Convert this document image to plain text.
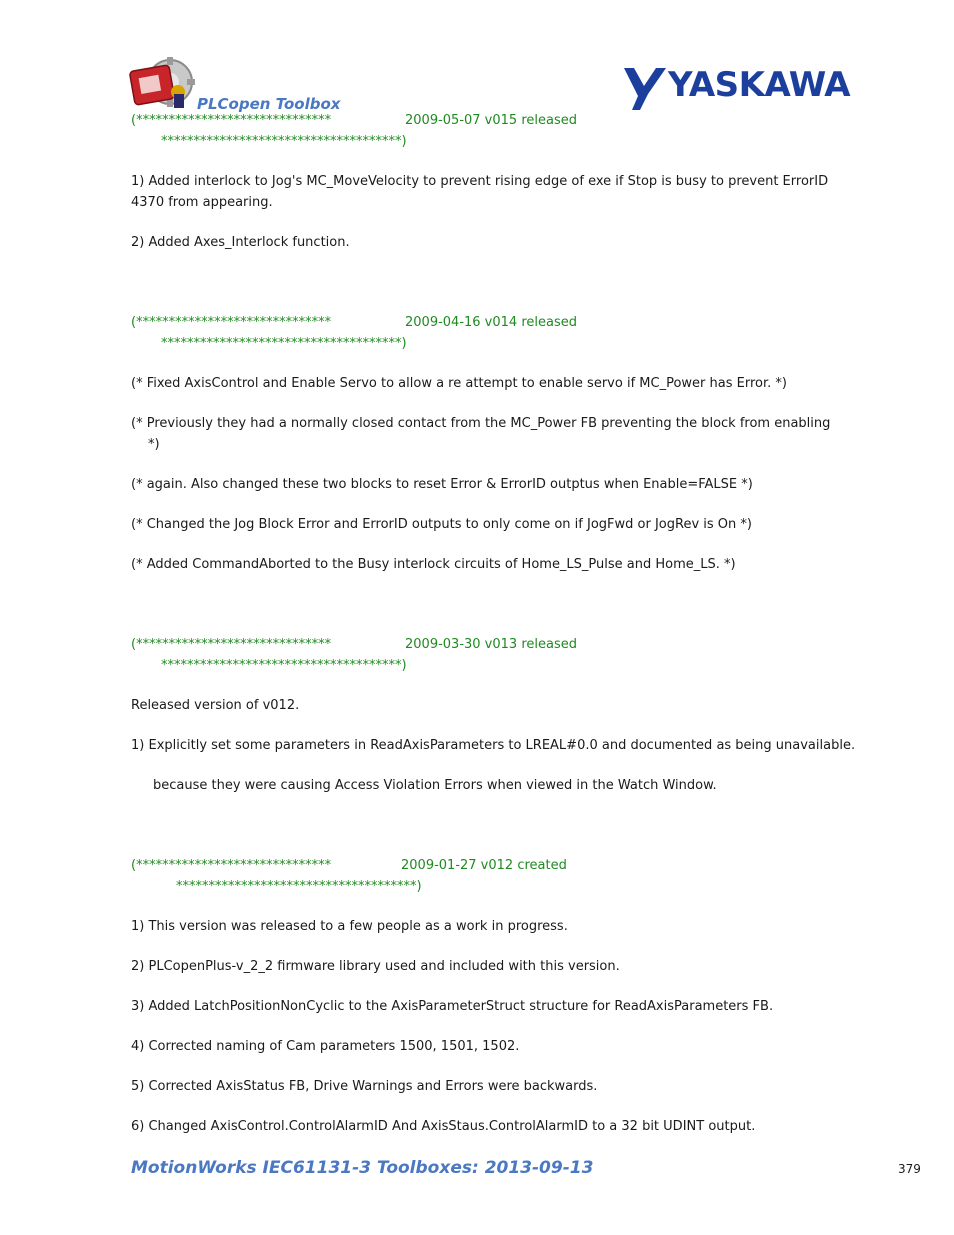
PLCopen Toolbox	YASKAWA
(******************************	2009-05-07 v015 released
*************************************)
1) Added interlock to Jog's MC_MoveVelocity to prevent rising edge of exe if Stop is busy to prevent ErrorID
4370 from appearing.
2) Added Axes_Interlock function.
(******************************	2009-04-16 v014 released
*************************************)
(* Fixed AxisControl and Enable Servo to allow a re attempt to enable servo if MC_Power has Error. *)
(* Previously they had a normally closed contact from the MC_Power FB preventing the block from enabling
*)
(* again. Also changed these two blocks to reset Error & ErrorID outptus when Enable=FALSE *)
(* Changed the Jog Block Error and ErrorID outputs to only come on if JogFwd or JogRev is On *)
(* Added CommandAborted to the Busy interlock circuits of Home_LS_Pulse and Home_LS. *)
(******************************	2009-03-30 v013 released
*************************************)
Released version of v012.
1) Explicitly set some parameters in ReadAxisParameters to LREAL#0.0 and documented as being unavailable.
because they were causing Access Violation Errors when viewed in the Watch Window.
(******************************	2009-01-27 v012 created
*************************************)
1) This version was released to a few people as a work in progress.
2) PLCopenPlus-v_2_2 firmware library used and included with this version.
3) Added LatchPositionNonCyclic to the AxisParameterStruct structure for ReadAxisParameters FB.
4) Corrected naming of Cam parameters 1500, 1501, 1502.
5) Corrected AxisStatus FB, Drive Warnings and Errors were backwards.
6) Changed AxisControl.ControlAlarmID And AxisStaus.ControlAlarmID to a 32 bit UDINT output.
MotionWorks IEC61131-3 Toolboxes: 2013-09-13	379
